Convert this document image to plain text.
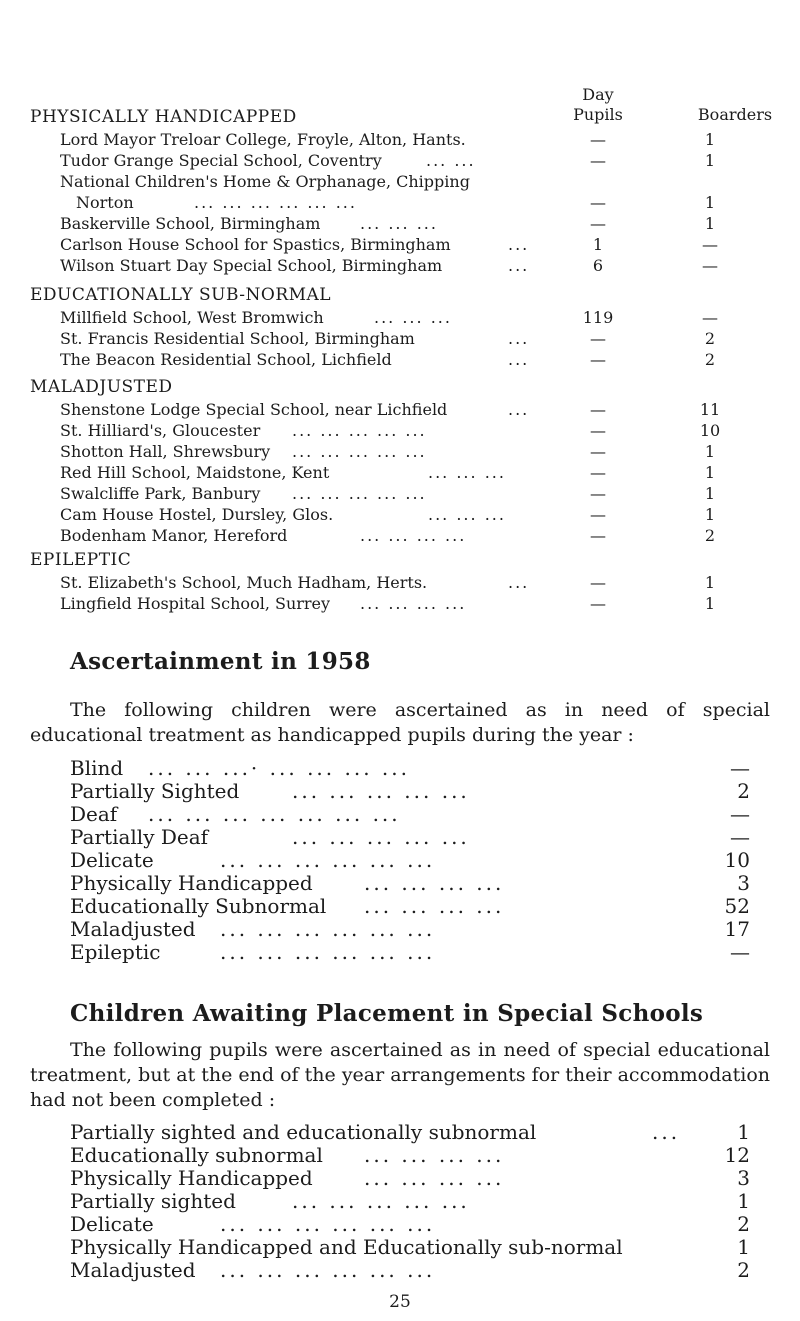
Day
Pupils	Boarders
PHYSICALLY HANDICAPPED
Lord Mayor Treloar College, Froyle, Alton, Hants.	—	1
Tudor Grange Special School, Coventry	... ...	—	1
National Children's Home & Orphanage, Chipping
Norton	... ... ... ... ... ...	—	1
Baskerville School, Birmingham ... ... ...	—	1
Carlson House School for Spastics, Birmingham	...	1	—
Wilson Stuart Day Special School, Birmingham	...	6	—
EDUCATIONALLY SUB-NORMAL
Millfield School, West Bromwich	... ... ...	119	—
St. Francis Residential School, Birmingham	...	—	2
The Beacon Residential School, Lichfield	...	—	2
MALADJUSTED
Shenstone Lodge Special School, near Lichfield	...	—	11
St. Hilliard's, Gloucester ... ... ... ... ...	—	10
Shotton Hall, Shrewsbury ... ... ... ... ...	—	1
Red Hill School, Maidstone, Kent	... ... ...	—	1
Swalcliffe Park, Banbury ... ... ... ... ...	—	1
Cam House Hostel, Dursley, Glos.	... ... ...	—	1
Bodenham Manor, Hereford	... ... ... ...	—	2
EPILEPTIC
St. Elizabeth's School, Much Hadham, Herts.	...	—	1
Lingfield Hospital School, Surrey ... ... ... ...	—	1
Ascertainment in 1958

The following children were ascertained as in need of special educational treatment as handicapped pupils during the year :

Blind ... ... ...· ... ... ... ...	—
Partially Sighted	... ... ... ... ...	2
Deaf ... ... ... ... ... ... ...	—
Partially Deaf	... ... ... ... ...	—
Delicate	... ... ... ... ... ...	10
Physically Handicapped	... ... ... ...	3
Educationally Subnormal ... ... ... ...	52
Maladjusted ... ... ... ... ... ...	17
Epileptic	... ... ... ... ... ...	—
Children Awaiting Placement in Special Schools

The following pupils were ascertained as in need of special educational treatment, but at the end of the year arrangements for their accommodation had not been completed :

Partially sighted and educationally subnormal	...	1
Educationally subnormal ... ... ... ...	12
Physically Handicapped	... ... ... ...	3
Partially sighted	... ... ... ... ...	1
Delicate	... ... ... ... ... ...	2
Physically Handicapped and Educationally sub-normal	1
Maladjusted ... ... ... ... ... ...	2
25
